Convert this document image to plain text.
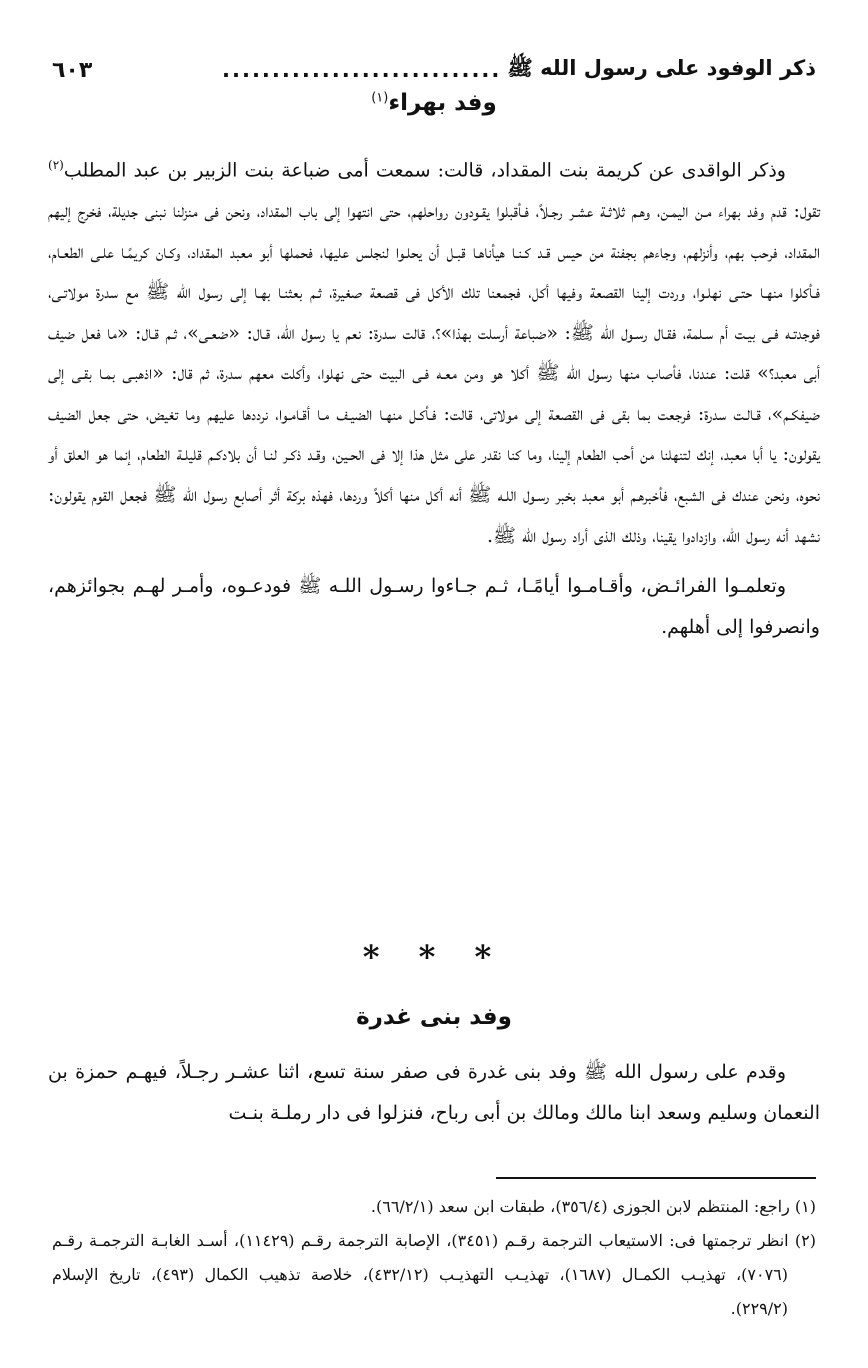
ذكر الوفود على رسول الله ﷺ
............................
٦٠٣
وفد بهراء$^{(١)}$

وذكر الواقدى عن كريمة بنت المقداد، قالت: سمعت أمى ضباعة بنت الزبير بن عبد المطلب$^{(٢)}$ تقول: قدم وفد بهراء مـن اليمـن، وهـم ثلاثـة عشـر رجـلاً، فـأقبلوا يقـودون رواحلهم، حتى انتهوا إلى باب المقداد، ونحن فى منزلنا نبنى جديلة، فخرج إليهم المقداد، فرحب بهم، وأنزلهم، وجاءهم بجفنة من حيس قـد كـنـا هيأناهـا قبـل أن يحلـوا لنجلس عليها، فحملها أبو معبد المقداد، وكـان كريمًـا علـى الطعـام، فـأكلوا منهـا حتـى نهلـوا، وردت إلينا القصعة وفيها أكل، فجمعنا تلك الأكل فى قصعة صغيرة، ثـم بعثنـا بهـا إلى رسول الله ﷺ مع سدرة مولاتـى، فوجدتـه فـى بيـت أم سـلمة، فقـال رسـول الله ﷺ: «ضباعة أرسلت بهذا»؟، قالت سدرة: نعم يا رسول الله، قـال: «ضعـى»، ثـم قـال: «ما فعل ضيف أبى معبد؟» قلت: عندنا، فأصاب منها رسول الله ﷺ أكلا هو ومن معـه فـى البيت حتى نهلوا، وأكلت معهم سدرة، ثم قال: «اذهبـى بمـا بقـى إلى ضيفكـم»، قـالـت سدرة: فرجعت بما بقى فى القصعة إلى مولاتى، قالت: فـأكـل منهـا الضيـف مـا أقـامـوا، نرددها عليهم وما تغيض، حتى جعل الضيف يقولون: يا أبا معبد، إنك لتنهلنا من أحب الطعام إلينا، وما كنا نقدر على مثل هذا إلا فى الحـين، وقـد ذكـر لنـا أن بلادكـم قليلـة الطعام، إنما هو العلق أو نحوه، ونحن عندك فى الشبع، فأخبرهـم أبو معبد بخبر رسـول اللـه ﷺ أنه أكل منها أكلاً وردها، فهذه بركة أثر أصابع رسول الله ﷺ فجعل القوم يقولون: نشهد أنه رسول الله، وازدادوا يقينا، وذلك الذى أراد رسول الله ﷺ.

وتعلمـوا الفرائـض، وأقـامـوا أيامًـا، ثـم جـاءوا رسـول اللـه ﷺ فودعـوه، وأمـر لهـم بجوائزهم، وانصرفوا إلى أهلهم.

* * *
وفد بنى غدرة

وقدم على رسول الله ﷺ وفد بنى غدرة فى صفر سنة تسع، اثنا عشـر رجـلاً، فيهـم حمزة بن النعمان وسليم وسعد ابنا مالك ومالك بن أبى رباح، فنزلوا فى دار رملـة بنـت

(١) راجع: المنتظم لابن الجوزى (٣٥٦/٤)، طبقات ابن سعد (٦٦/٢/١).

(٢) انظر ترجمتها فى: الاستيعاب الترجمة رقـم (٣٤٥١)، الإصابة الترجمة رقـم (١١٤٢٩)، أسـد الغابـة الترجمـة رقـم (٧٠٧٦)، تهذيـب الكمـال (١٦٨٧)، تهذيـب التهذيـب (٤٣٢/١٢)، خلاصة تذهيب الكمال (٤٩٣)، تاريخ الإسلام (٢٢٩/٢).
